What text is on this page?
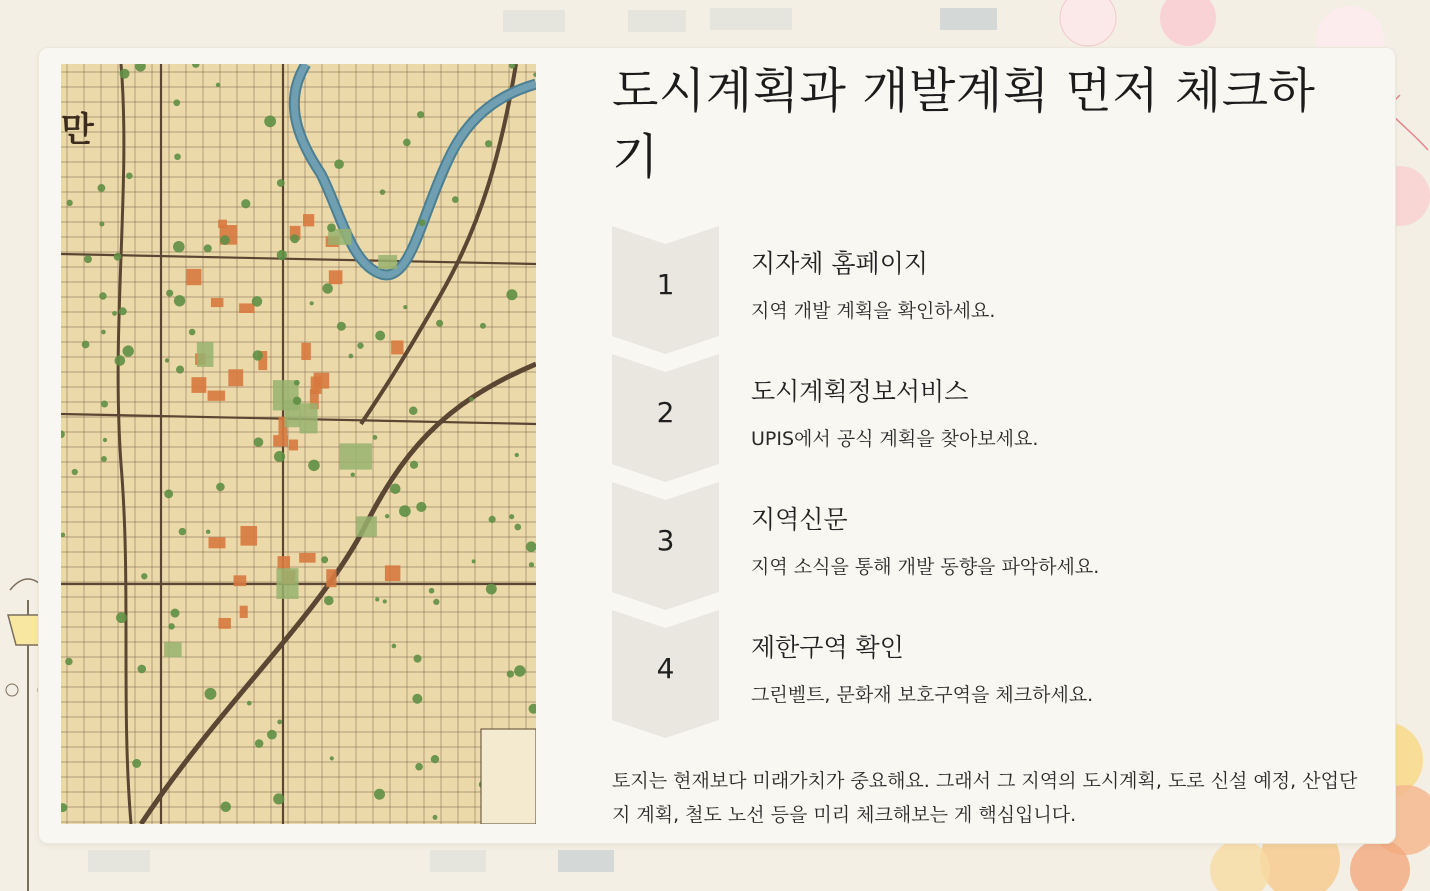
만
도시계획과 개발계획 먼저 체크하기
1
지자체 홈페이지
지역 개발 계획을 확인하세요.
2
도시계획정보서비스
UPIS에서 공식 계획을 찾아보세요.
3
지역신문
지역 소식을 통해 개발 동향을 파악하세요.
4
제한구역 확인
그린벨트, 문화재 보호구역을 체크하세요.

토지는 현재보다 미래가치가 중요해요. 그래서 그 지역의 도시계획, 도로 신설 예정, 산업단지 계획, 철도 노선 등을 미리 체크해보는 게 핵심입니다.
